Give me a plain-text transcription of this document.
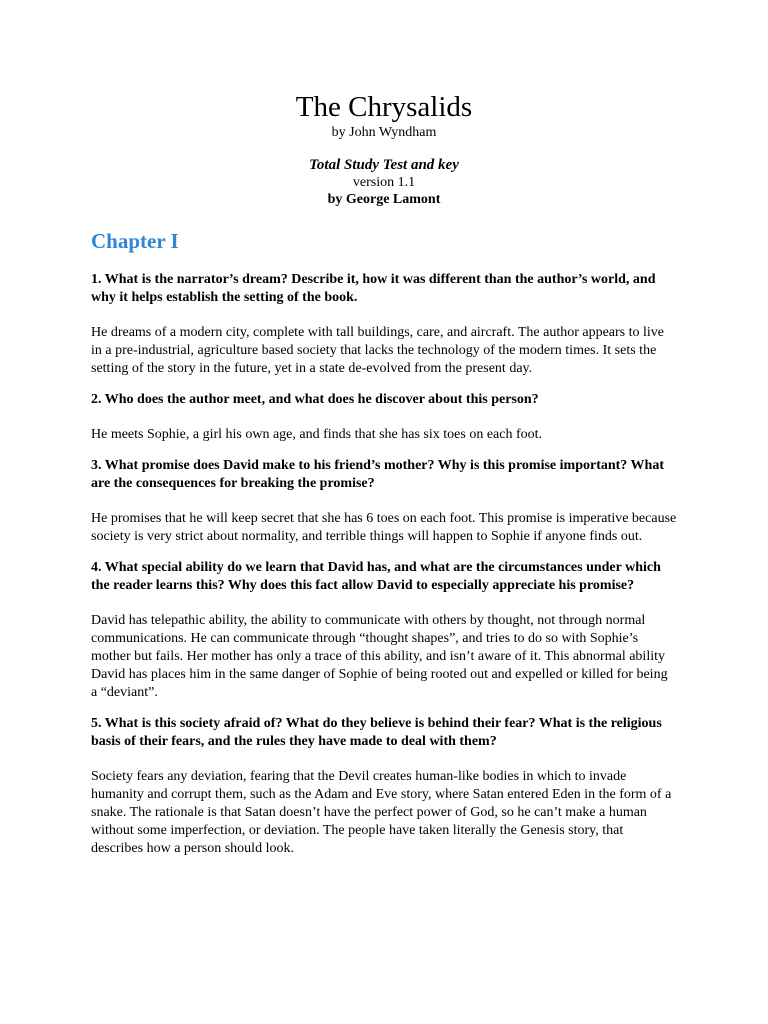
The Chrysalids

by John Wyndham

Total Study Test and key

version 1.1

by George Lamont

Chapter I

1. What is the narrator’s dream? Describe it, how it was different than the author’s world, and why it helps establish the setting of the book.

He dreams of a modern city, complete with tall buildings, care, and aircraft. The author appears to live in a pre-industrial, agriculture based society that lacks the technology of the modern times. It sets the setting of the story in the future, yet in a state de-evolved from the present day.

2. Who does the author meet, and what does he discover about this person?

He meets Sophie, a girl his own age, and finds that she has six toes on each foot.

3. What promise does David make to his friend’s mother? Why is this promise important? What are the consequences for breaking the promise?

He promises that he will keep secret that she has 6 toes on each foot. This promise is imperative because society is very strict about normality, and terrible things will happen to Sophie if anyone finds out.

4. What special ability do we learn that David has, and what are the circumstances under which the reader learns this? Why does this fact allow David to especially appreciate his promise?

David has telepathic ability, the ability to communicate with others by thought, not through normal communications. He can communicate through “thought shapes”, and tries to do so with Sophie’s mother but fails. Her mother has only a trace of this ability, and isn’t aware of it. This abnormal ability David has places him in the same danger of Sophie of being rooted out and expelled or killed for being a “deviant”.

5. What is this society afraid of? What do they believe is behind their fear? What is the religious basis of their fears, and the rules they have made to deal with them?

Society fears any deviation, fearing that the Devil creates human-like bodies in which to invade humanity and corrupt them, such as the Adam and Eve story, where Satan entered Eden in the form of a snake. The rationale is that Satan doesn’t have the perfect power of God, so he can’t make a human without some imperfection, or deviation. The people have taken literally the Genesis story, that describes how a person should look.
